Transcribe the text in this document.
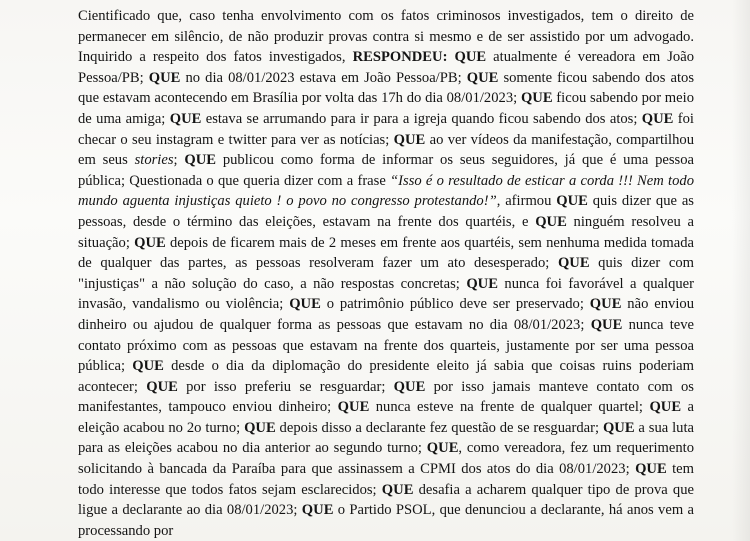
Cientificado que, caso tenha envolvimento com os fatos criminosos investigados, tem o direito de permanecer em silêncio, de não produzir provas contra si mesmo e de ser assistido por um advogado. Inquirido a respeito dos fatos investigados, RESPONDEU: QUE atualmente é vereadora em João Pessoa/PB; QUE no dia 08/01/2023 estava em João Pessoa/PB; QUE somente ficou sabendo dos atos que estavam acontecendo em Brasília por volta das 17h do dia 08/01/2023; QUE ficou sabendo por meio de uma amiga; QUE estava se arrumando para ir para a igreja quando ficou sabendo dos atos; QUE foi checar o seu instagram e twitter para ver as notícias; QUE ao ver vídeos da manifestação, compartilhou em seus stories; QUE publicou como forma de informar os seus seguidores, já que é uma pessoa pública; Questionada o que queria dizer com a frase “Isso é o resultado de esticar a corda !!! Nem todo mundo aguenta injustiças quieto ! o povo no congresso protestando!”, afirmou QUE quis dizer que as pessoas, desde o término das eleições, estavam na frente dos quartéis, e QUE ninguém resolveu a situação; QUE depois de ficarem mais de 2 meses em frente aos quartéis, sem nenhuma medida tomada de qualquer das partes, as pessoas resolveram fazer um ato desesperado; QUE quis dizer com "injustiças" a não solução do caso, a não respostas concretas; QUE nunca foi favorável a qualquer invasão, vandalismo ou violência; QUE o patrimônio público deve ser preservado; QUE não enviou dinheiro ou ajudou de qualquer forma as pessoas que estavam no dia 08/01/2023; QUE nunca teve contato próximo com as pessoas que estavam na frente dos quarteis, justamente por ser uma pessoa pública; QUE desde o dia da diplomação do presidente eleito já sabia que coisas ruins poderiam acontecer; QUE por isso preferiu se resguardar; QUE por isso jamais manteve contato com os manifestantes, tampouco enviou dinheiro; QUE nunca esteve na frente de qualquer quartel; QUE a eleição acabou no 2o turno; QUE depois disso a declarante fez questão de se resguardar; QUE a sua luta para as eleições acabou no dia anterior ao segundo turno; QUE, como vereadora, fez um requerimento solicitando à bancada da Paraíba para que assinassem a CPMI dos atos do dia 08/01/2023; QUE tem todo interesse que todos fatos sejam esclarecidos; QUE desafia a acharem qualquer tipo de prova que ligue a declarante ao dia 08/01/2023; QUE o Partido PSOL, que denunciou a declarante, há anos vem a processando por
